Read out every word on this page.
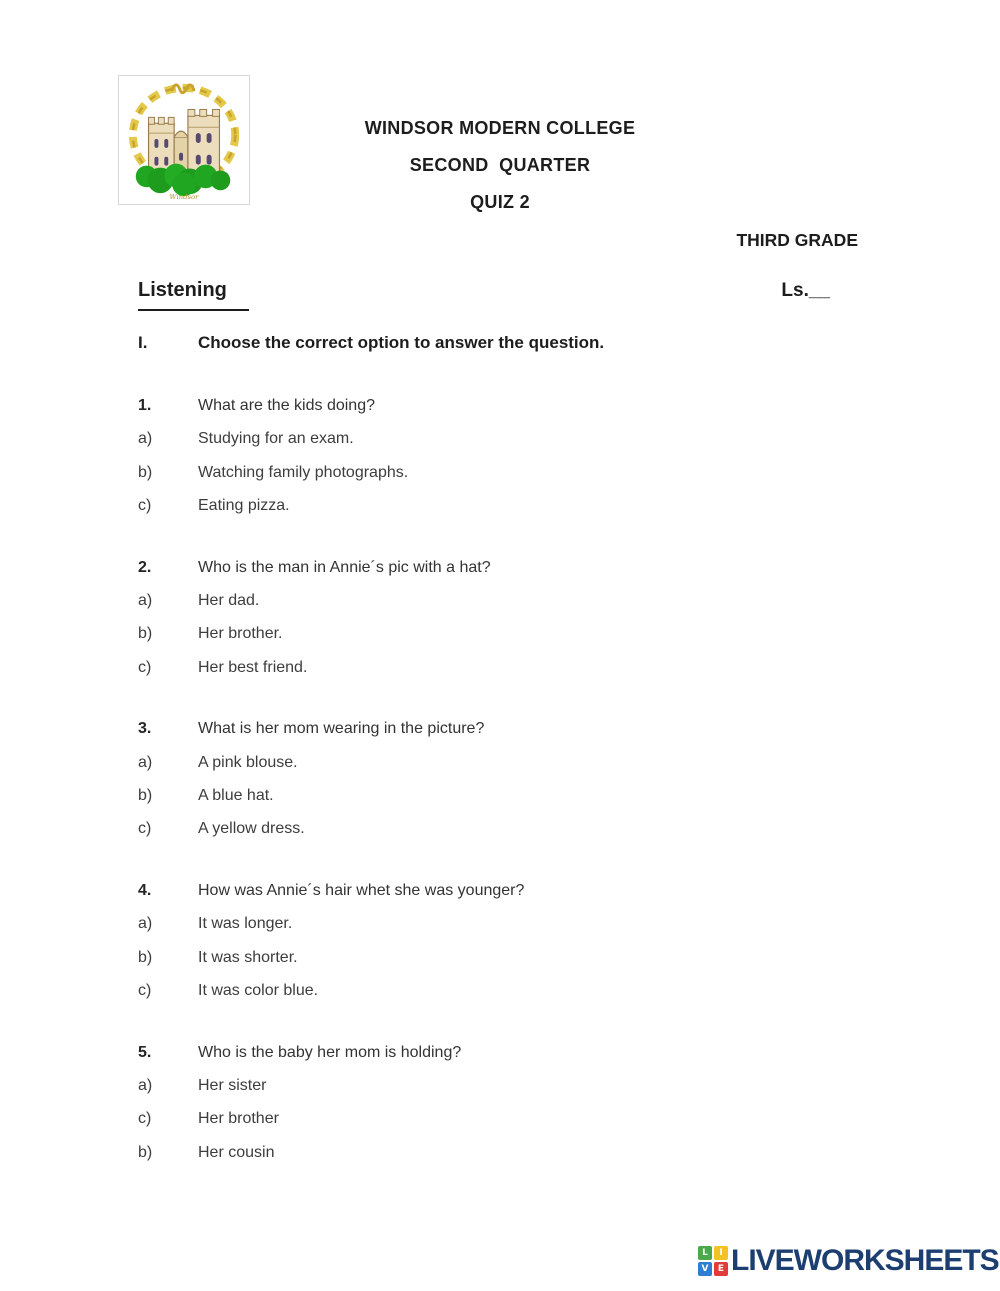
Windsor
WINDSOR MODERN COLLEGE
SECOND  QUARTER
QUIZ 2
THIRD GRADE
Listening	Ls.__
I.	Choose the correct option to answer the question.
1.	What are the kids doing?
a)	Studying for an exam.
b)	Watching family photographs.
c)	Eating pizza.
2.	Who is the man in Annie´s pic with a hat?
a)	Her dad.
b)	Her brother.
c)	Her best friend.
3.	What is her mom wearing in the picture?
a)	A pink blouse.
b)	A blue hat.
c)	A yellow dress.
4.	How was Annie´s hair whet she was younger?
a)	It was longer.
b)	It was shorter.
c)	It was color blue.
5.	Who is the baby her mom is holding?
a)	Her sister
c)	Her brother
b)	Her cousin
L	I
V	E LIVEWORKSHEETS
